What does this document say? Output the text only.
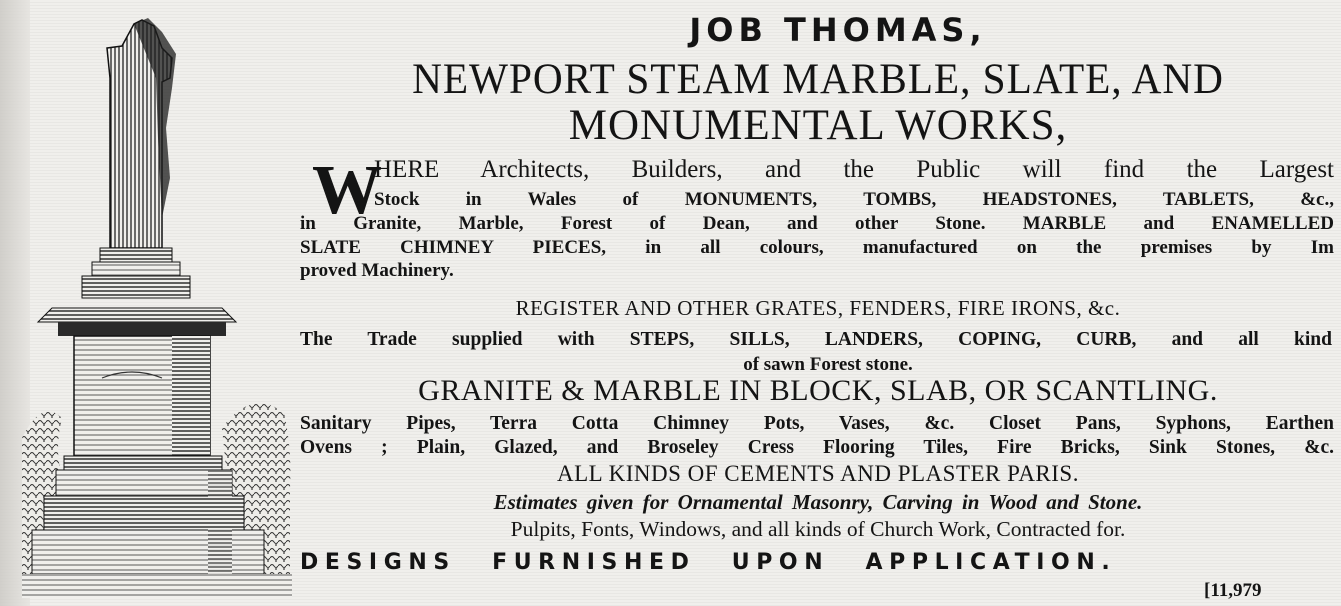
JOB THOMAS,
NEWPORT STEAM MARBLE, SLATE, AND
MONUMENTAL WORKS,
W
HERE Architects, Builders, and the Public will find the Largest
Stock in Wales of MONUMENTS, TOMBS, HEADSTONES, TABLETS, &c.,
in Granite, Marble, Forest of Dean, and other Stone. MARBLE and ENAMELLED
SLATE CHIMNEY PIECES, in all colours, manufactured on the premises by Im
proved Machinery.
REGISTER AND OTHER GRATES, FENDERS, FIRE IRONS, &c.
The Trade supplied with STEPS, SILLS, LANDERS, COPING, CURB, and all kind
of sawn Forest stone.
GRANITE & MARBLE IN BLOCK, SLAB, OR SCANTLING.
Sanitary Pipes, Terra Cotta Chimney Pots, Vases, &c. Closet Pans, Syphons, Earthen
Ovens ; Plain, Glazed, and Broseley Cress Flooring Tiles, Fire Bricks, Sink Stones, &c.
ALL KINDS OF CEMENTS AND PLASTER PARIS.
Estimates given for Ornamental Masonry, Carving in Wood and Stone.
Pulpits, Fonts, Windows, and all kinds of Church Work, Contracted for.
DESIGNS FURNISHED UPON APPLICATION.
[11,979
